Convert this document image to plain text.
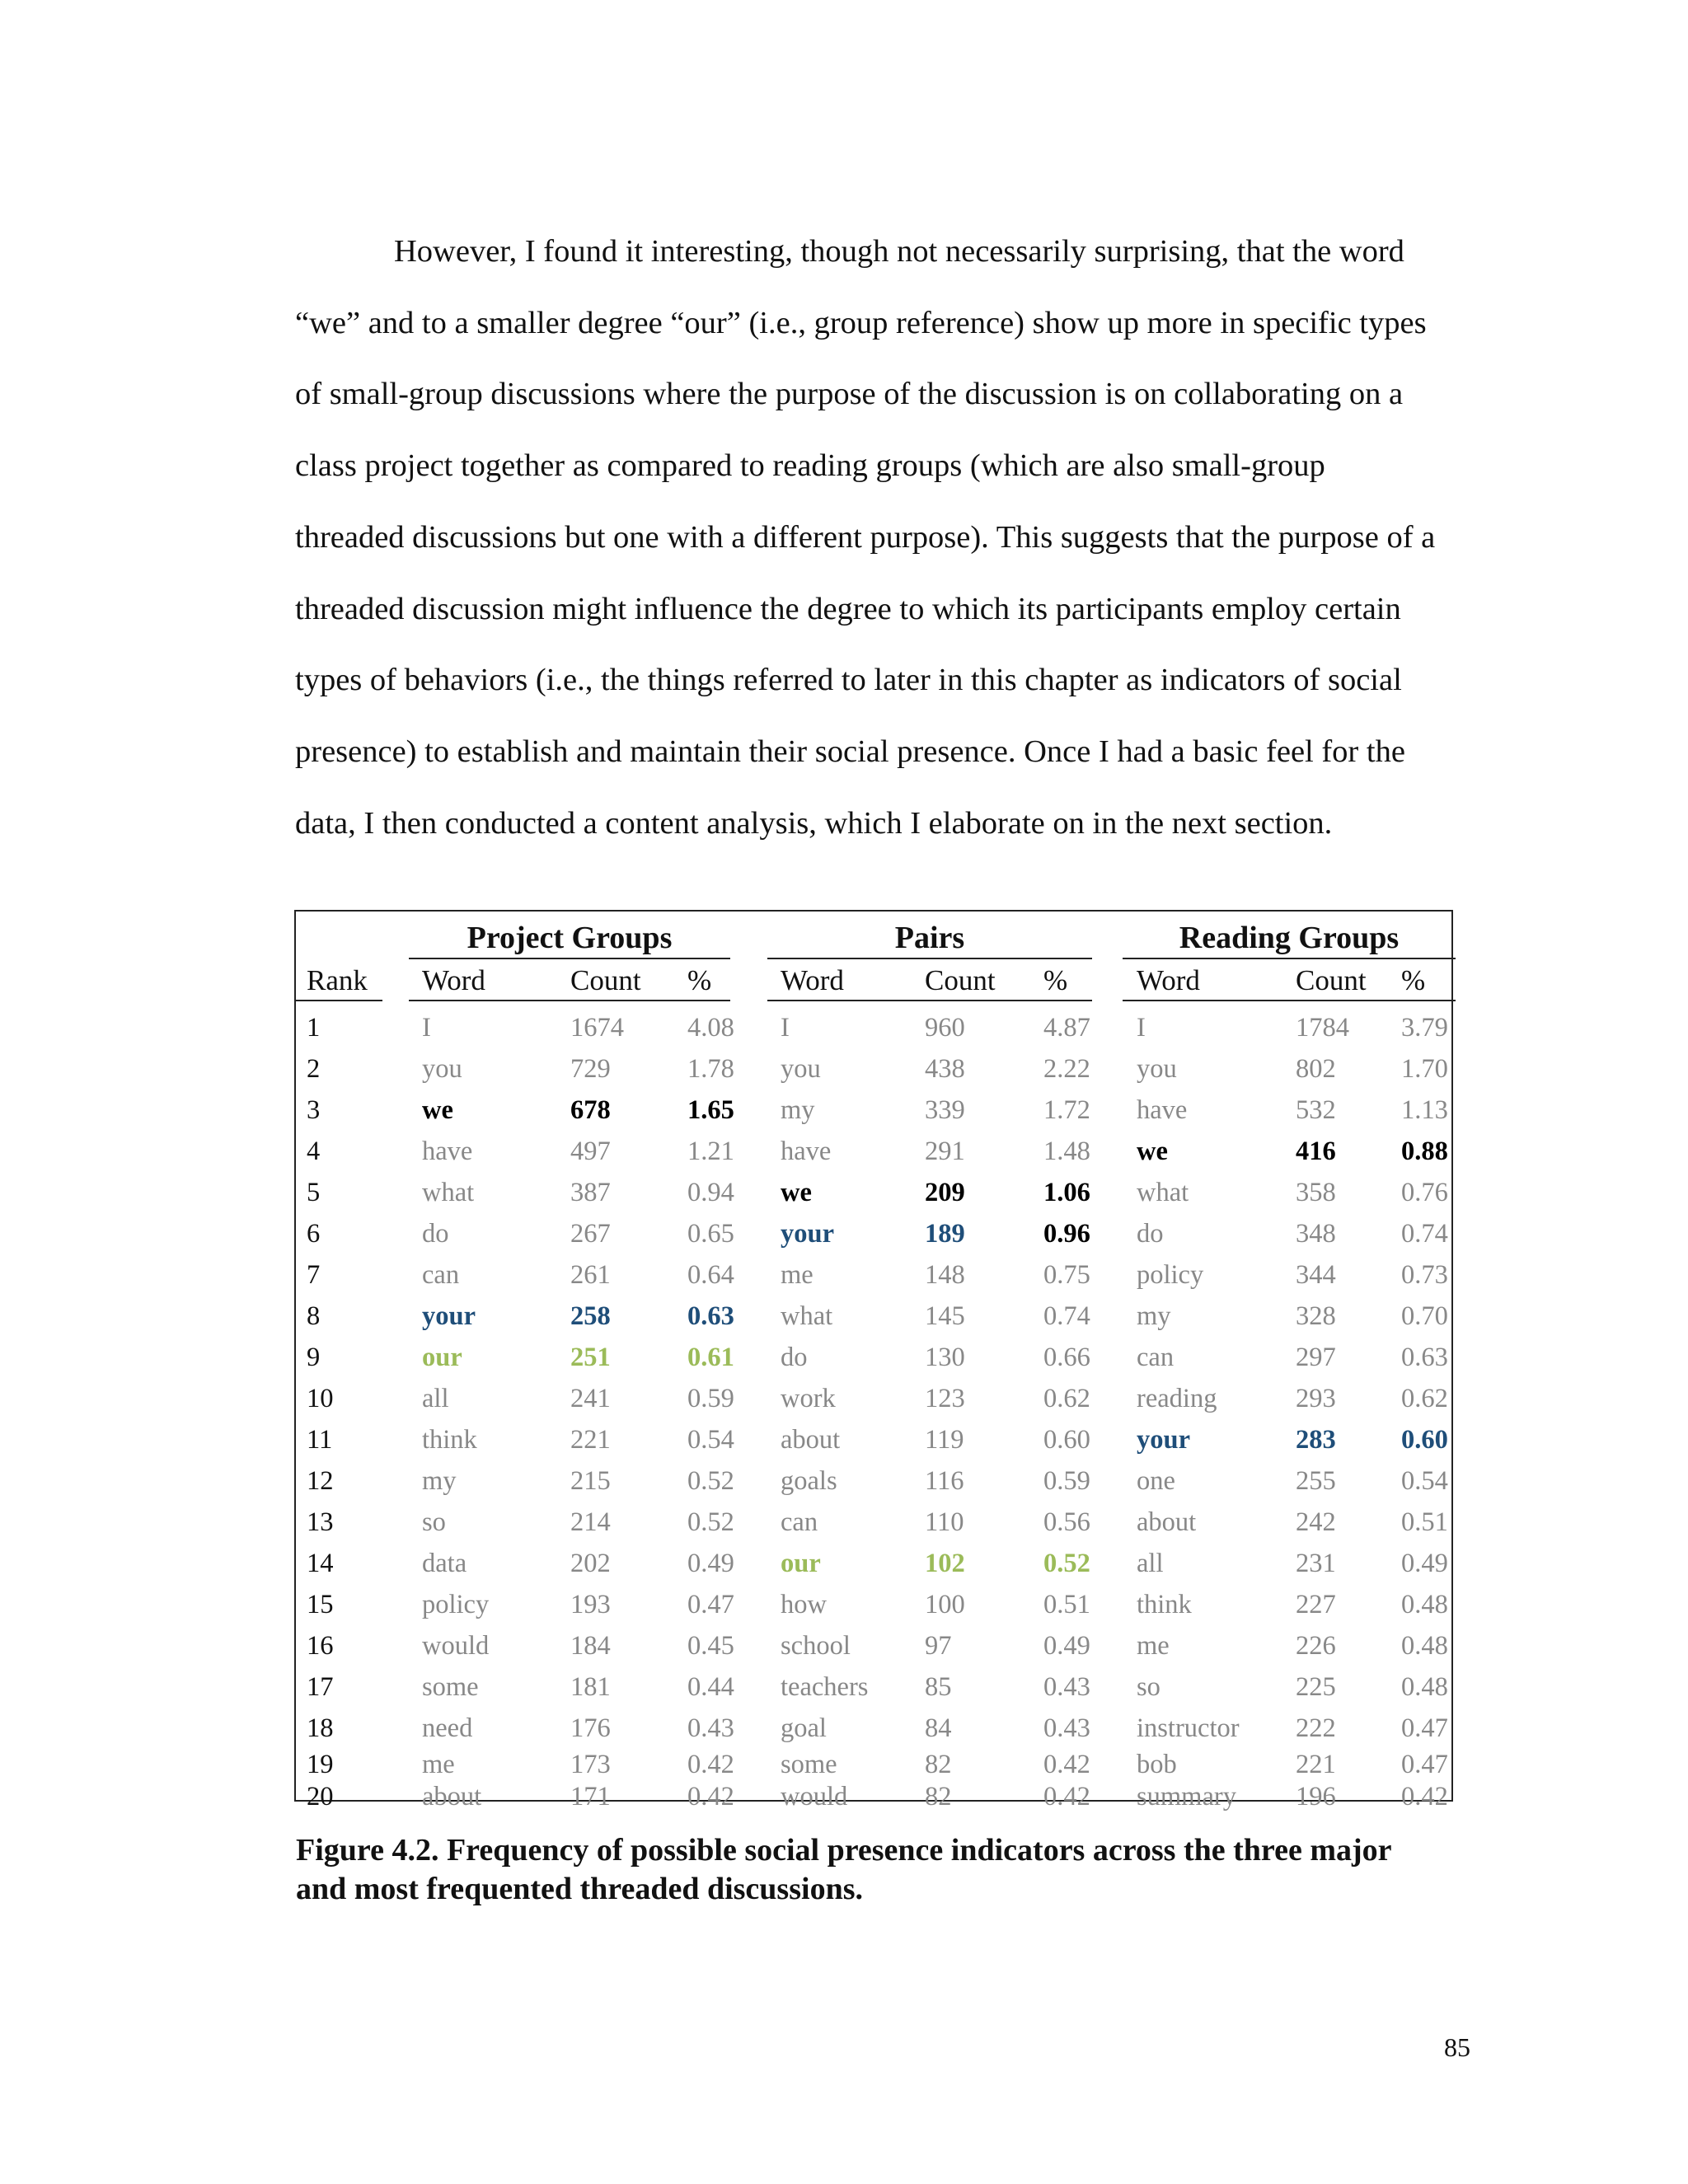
However, I found it interesting, though not necessarily surprising, that the word
“we” and to a smaller degree “our” (i.e., group reference) show up more in specific types
of small-group discussions where the purpose of the discussion is on collaborating on a
class project together as compared to reading groups (which are also small-group
threaded discussions but one with a different purpose). This suggests that the purpose of a
threaded discussion might influence the degree to which its participants employ certain
types of behaviors (i.e., the things referred to later in this chapter as indicators of social
presence) to establish and maintain their social presence. Once I had a basic feel for the
data, I then conducted a content analysis, which I elaborate on in the next section.
Project Groups	Pairs	Reading Groups
Rank Word	Count % Word	Count % Word	Count %
1	I	1674 4.08 I	960	4.87 I	1784 3.79
2	you	729	1.78 you	438	2.22 you	802 1.70
3	we	678	1.65 my	339	1.72 have	532 1.13
4	have	497	1.21 have	291	1.48 we	416 0.88
5	what	387	0.94 we	209	1.06 what	358 0.76
6	do	267	0.65 your	189	0.96 do	348 0.74
7	can	261	0.64 me	148	0.75 policy	344 0.73
8	your	258	0.63 what	145	0.74 my	328 0.70
9	our	251	0.61 do	130	0.66 can	297 0.63
10	all	241	0.59 work	123	0.62 reading	293 0.62
11	think	221	0.54 about	119	0.60 your	283 0.60
12	my	215	0.52 goals	116	0.59 one	255 0.54
13	so	214	0.52 can	110	0.56 about	242 0.51
14	data	202	0.49 our	102	0.52 all	231 0.49
15	policy	193	0.47 how	100	0.51 think	227 0.48
16	would	184	0.45 school	97	0.49 me	226 0.48
17	some	181	0.44 teachers 85	0.43 so	225 0.48
18	need	176	0.43 goal	84	0.43 instructor 222 0.47
19	me	173	0.42 some	82	0.42 bob	221 0.47
20	about	171	0.42 would	82	0.42 summary 196 0.42

Figure 4.2. Frequency of possible social presence indicators across the three major
and most frequented threaded discussions.

85
